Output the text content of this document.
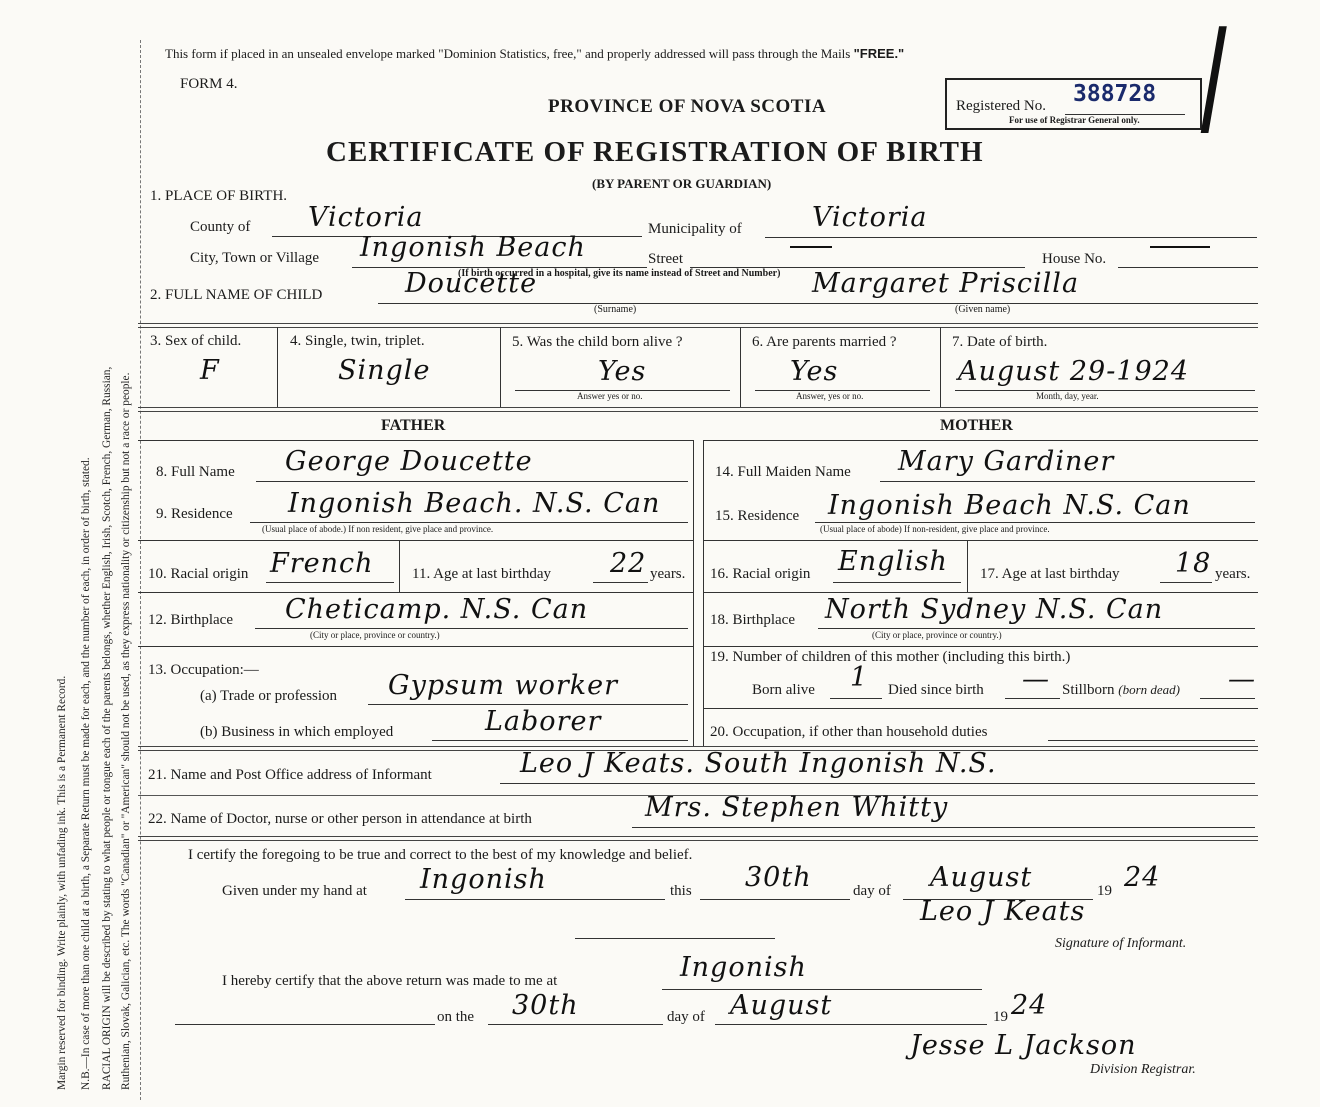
Margin reserved for binding. Write plainly, with unfading ink. This is a Permanent Record. N.B.—In case of more than one child at a birth, a Separate Return must be made for each, and the number of each, in order of birth, stated. RACIAL ORIGIN will be described by stating to what people or tongue each of the parents belongs, whether English, Irish, Scotch, French, German, Russian, Ruthenian, Slovak, Galician, etc. The words "Canadian" or "American" should not be used, as they express nationality or citizenship but not a race or people.
This form if placed in an unsealed envelope marked "Dominion Statistics, free," and properly addressed will pass through the Mails "FREE."
FORM 4.
PROVINCE OF NOVA SCOTIA
CERTIFICATE OF REGISTRATION OF BIRTH
(BY PARENT OR GUARDIAN)
Registered No. 388728
For use of Registrar General only. /
1. PLACE OF BIRTH.
County of Victoria	Municipality of	Victoria
City, Town or Village Ingonish Beach	Street	House No.
(If birth occurred in a hospital, give its name instead of Street and Number)
2. FULL NAME OF CHILD	Doucette	Margaret Priscilla
(Surname)	(Given name)
3. Sex of child.
F
4. Single, twin, triplet.
Single
5. Was the child born alive ?
Yes
Answer yes or no.
6. Are parents married ?
Yes
Answer, yes or no.
7. Date of birth.
August 29-1924
Month, day, year.
FATHER	MOTHER
8. Full Name George Doucette	14. Full Maiden Name Mary Gardiner
9. Residence Ingonish Beach. N.S. Can
(Usual place of abode.) If non resident, give place and province.
15. Residence Ingonish Beach N.S. Can
(Usual place of abode) If non-resident, give place and province.
10. Racial origin French	11. Age at last birthday 22 years. 16. Racial origin English 17. Age at last birthday 18 years.
12. Birthplace Cheticamp. N.S. Can
(City or place, province or country.)
18. Birthplace North Sydney N.S. Can
(City or place, province or country.)
13. Occupation:—
(a) Trade or profession Gypsum worker
(b) Business in which employed	Laborer
19. Number of children of this mother (including this birth.)
Born alive 1 Died since birth — Stillborn (born dead) —
20. Occupation, if other than household duties
21. Name and Post Office address of Informant	Leo J Keats. South Ingonish N.S.
22. Name of Doctor, nurse or other person in attendance at birth	Mrs. Stephen Whitty
I certify the foregoing to be true and correct to the best of my knowledge and belief.
Given under my hand at Ingonish	this 30th	day of August	19 24
Leo J Keats
Signature of Informant.
I hereby certify that the above return was made to me at	Ingonish
on the 30th	day of August	19 24
Jesse L Jackson
Division Registrar.
